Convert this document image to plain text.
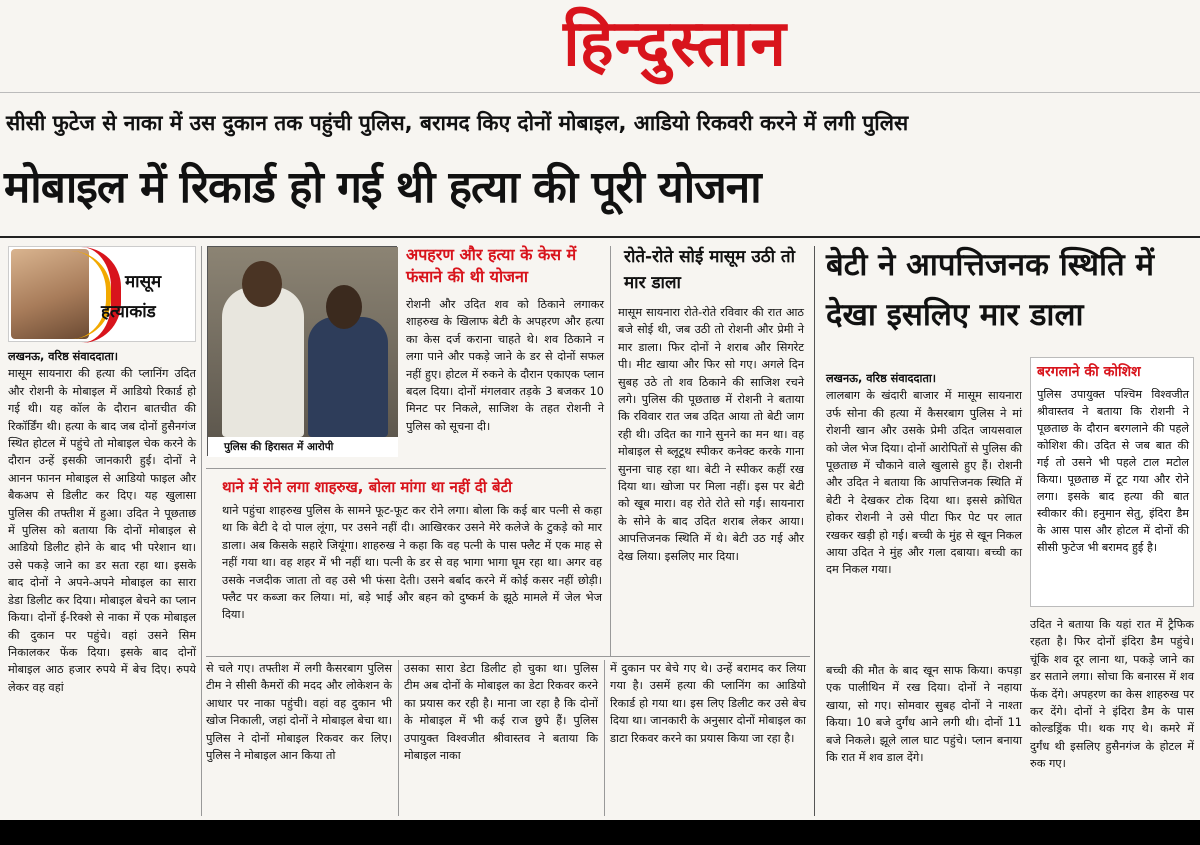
हिन्दुस्तान
सीसी फुटेज से नाका में उस दुकान तक पहुंची पुलिस, बरामद किए दोनों मोबाइल, आडियो रिकवरी करने में लगी पुलिस
मोबाइल में रिकार्ड हो गई थी हत्या की पूरी योजना
मासूम
हत्याकांड

लखनऊ, वरिष्ठ संवाददाता।

मासूम सायनारा की हत्या की प्लानिंग उदित और रोशनी के मोबाइल में आडियो रिकार्ड हो गई थी। यह कॉल के दौरान बातचीत की रिकॉर्डिंग थी। हत्या के बाद जब दोनों हुसैनगंज स्थित होटल में पहुंचे तो मोबाइल चेक करने के दौरान उन्हें इसकी जानकारी हुई। दोनों ने आनन फानन मोबाइल से आडियो फाइल और बैकअप से डिलीट कर दिए। यह खुलासा पुलिस की तफ्तीश में हुआ। उदित ने पूछताछ में पुलिस को बताया कि दोनों मोबाइल से आडियो डिलीट होने के बाद भी परेशान था। उसे पकड़े जाने का डर सता रहा था। इसके बाद दोनों ने अपने-अपने मोबाइल का सारा डेडा डिलीट कर दिया। मोबाइल बेचने का प्लान किया। दोनों ई-रिक्शे से नाका में एक मोबाइल की दुकान पर पहुंचे। वहां उसने सिम निकालकर फेंक दिया। इसके बाद दोनों मोबाइल आठ हजार रुपये में बेच दिए। रुपये लेकर वह वहां

पुलिस की हिरासत में आरोपी
अपहरण और हत्या के केस में फंसाने की थी योजना

रोशनी और उदित शव को ठिकाने लगाकर शाहरुख के खिलाफ बेटी के अपहरण और हत्या का केस दर्ज कराना चाहते थे। शव ठिकाने न लगा पाने और पकड़े जाने के डर से दोनों सफल नहीं हुए। होटल में रुकने के दौरान एकाएक प्लान बदल दिया। दोनों मंगलवार तड़के 3 बजकर 10 मिनट पर निकले, साजिश के तहत रोशनी ने पुलिस को सूचना दी।

थाने में रोने लगा शाहरुख, बोला मांगा था नहीं दी बेटी

थाने पहुंचा शाहरुख पुलिस के सामने फूट-फूट कर रोने लगा। बोला कि कई बार पत्नी से कहा था कि बेटी दे दो पाल लूंगा, पर उसने नहीं दी। आखिरकर उसने मेरे कलेजे के टुकड़े को मार डाला। अब किसके सहारे जियूंगा। शाहरुख ने कहा कि वह पत्नी के पास फ्लैट में एक माह से नहीं गया था। वह शहर में भी नहीं था। पत्नी के डर से वह भागा भागा घूम रहा था। अगर वह उसके नजदीक जाता तो वह उसे भी फंसा देती। उसने बर्बाद करने में कोई कसर नहीं छोड़ी। फ्लैट पर कब्जा कर लिया। मां, बड़े भाई और बहन को दुष्कर्म के झूठे मामले में जेल भेज दिया।

रोते-रोते सोई मासूम उठी तो मार डाला

मासूम सायनारा रोते-रोते रविवार की रात आठ बजे सोई थी, जब उठी तो रोशनी और प्रेमी ने मार डाला। फिर दोनों ने शराब और सिगरेट पी। मीट खाया और फिर सो गए। अगले दिन सुबह उठे तो शव ठिकाने की साजिश रचने लगे। पुलिस की पूछताछ में रोशनी ने बताया कि रविवार रात जब उदित आया तो बेटी जाग रही थी। उदित का गाने सुनने का मन था। वह मोबाइल से ब्लूटूथ स्पीकर कनेक्ट करके गाना सुनना चाह रहा था। बेटी ने स्पीकर कहीं रख दिया था। खोजा पर मिला नहीं। इस पर बेटी को खूब मारा। वह रोते रोते सो गई। सायनारा के सोने के बाद उदित शराब लेकर आया। आपत्तिजनक स्थिति में थे। बेटी उठ गई और देख लिया। इसलिए मार दिया।

से चले गए। तफ्तीश में लगी कैसरबाग पुलिस टीम ने सीसी कैमरों की मदद और लोकेशन के आधार पर नाका पहुंची। वहां वह दुकान भी खोज निकाली, जहां दोनों ने मोबाइल बेचा था। पुलिस ने दोनों मोबाइल रिकवर कर लिए। पुलिस ने मोबाइल आन किया तो

उसका सारा डेटा डिलीट हो चुका था। पुलिस टीम अब दोनों के मोबाइल का डेटा रिकवर करने का प्रयास कर रही है। माना जा रहा है कि दोनों के मोबाइल में भी कई राज छुपे हैं। पुलिस उपायुक्त विश्वजीत श्रीवास्तव ने बताया कि मोबाइल नाका

में दुकान पर बेचे गए थे। उन्हें बरामद कर लिया गया है। उसमें हत्या की प्लानिंग का आडियो रिकार्ड हो गया था। इस लिए डिलीट कर उसे बेच दिया था। जानकारी के अनुसार दोनों मोबाइल का डाटा रिकवर करने का प्रयास किया जा रहा है।

बेटी ने आपत्तिजनक स्थिति में देखा इसलिए मार डाला

लखनऊ, वरिष्ठ संवाददाता।

लालबाग के खंदारी बाजार में मासूम सायनारा उर्फ सोना की हत्या में कैसरबाग पुलिस ने मां रोशनी खान और उसके प्रेमी उदित जायसवाल को जेल भेज दिया। दोनों आरोपितों से पुलिस की पूछताछ में चौकाने वाले खुलासे हुए हैं। रोशनी और उदित ने बताया कि आपत्तिजनक स्थिति में बेटी ने देखकर टोक दिया था। इससे क्रोधित होकर रोशनी ने उसे पीटा फिर पेट पर लात रखकर खड़ी हो गई। बच्ची के मुंह से खून निकल आया उदित ने मुंह और गला दबाया। बच्ची का दम निकल गया।

बच्ची की मौत के बाद खून साफ किया। कपड़ा एक पालीथिन में रख दिया। दोनों ने नहाया खाया, सो गए। सोमवार सुबह दोनों ने नाश्ता किया। 10 बजे दुर्गंध आने लगी थी। दोनों 11 बजे निकले। झूले लाल घाट पहुंचे। प्लान बनाया कि रात में शव डाल देंगे।

बरगलाने की कोशिश
पुलिस उपायुक्त पश्चिम विश्वजीत श्रीवास्तव ने बताया कि रोशनी ने पूछताछ के दौरान बरगलाने की पहले कोशिश की। उदित से जब बात की गई तो उसने भी पहले टाल मटोल किया। पूछताछ में टूट गया और रोने लगा। इसके बाद हत्या की बात स्वीकार की। हनुमान सेतु, इंदिरा डैम के आस पास और होटल में दोनों की सीसी फुटेज भी बरामद हुई है।

उदित ने बताया कि यहां रात में ट्रैफिक रहता है। फिर दोनों इंदिरा डैम पहुंचे। चूंकि शव दूर लाना था, पकड़े जाने का डर सताने लगा। सोचा कि बनारस में शव फेंक देंगे। अपहरण का केस शाहरुख पर कर देंगे। दोनों ने इंदिरा डैम के पास कोल्डड्रिंक पी। थक गए थे। कमरे में दुर्गंध थी इसलिए हुसैनगंज के होटल में रुक गए।
